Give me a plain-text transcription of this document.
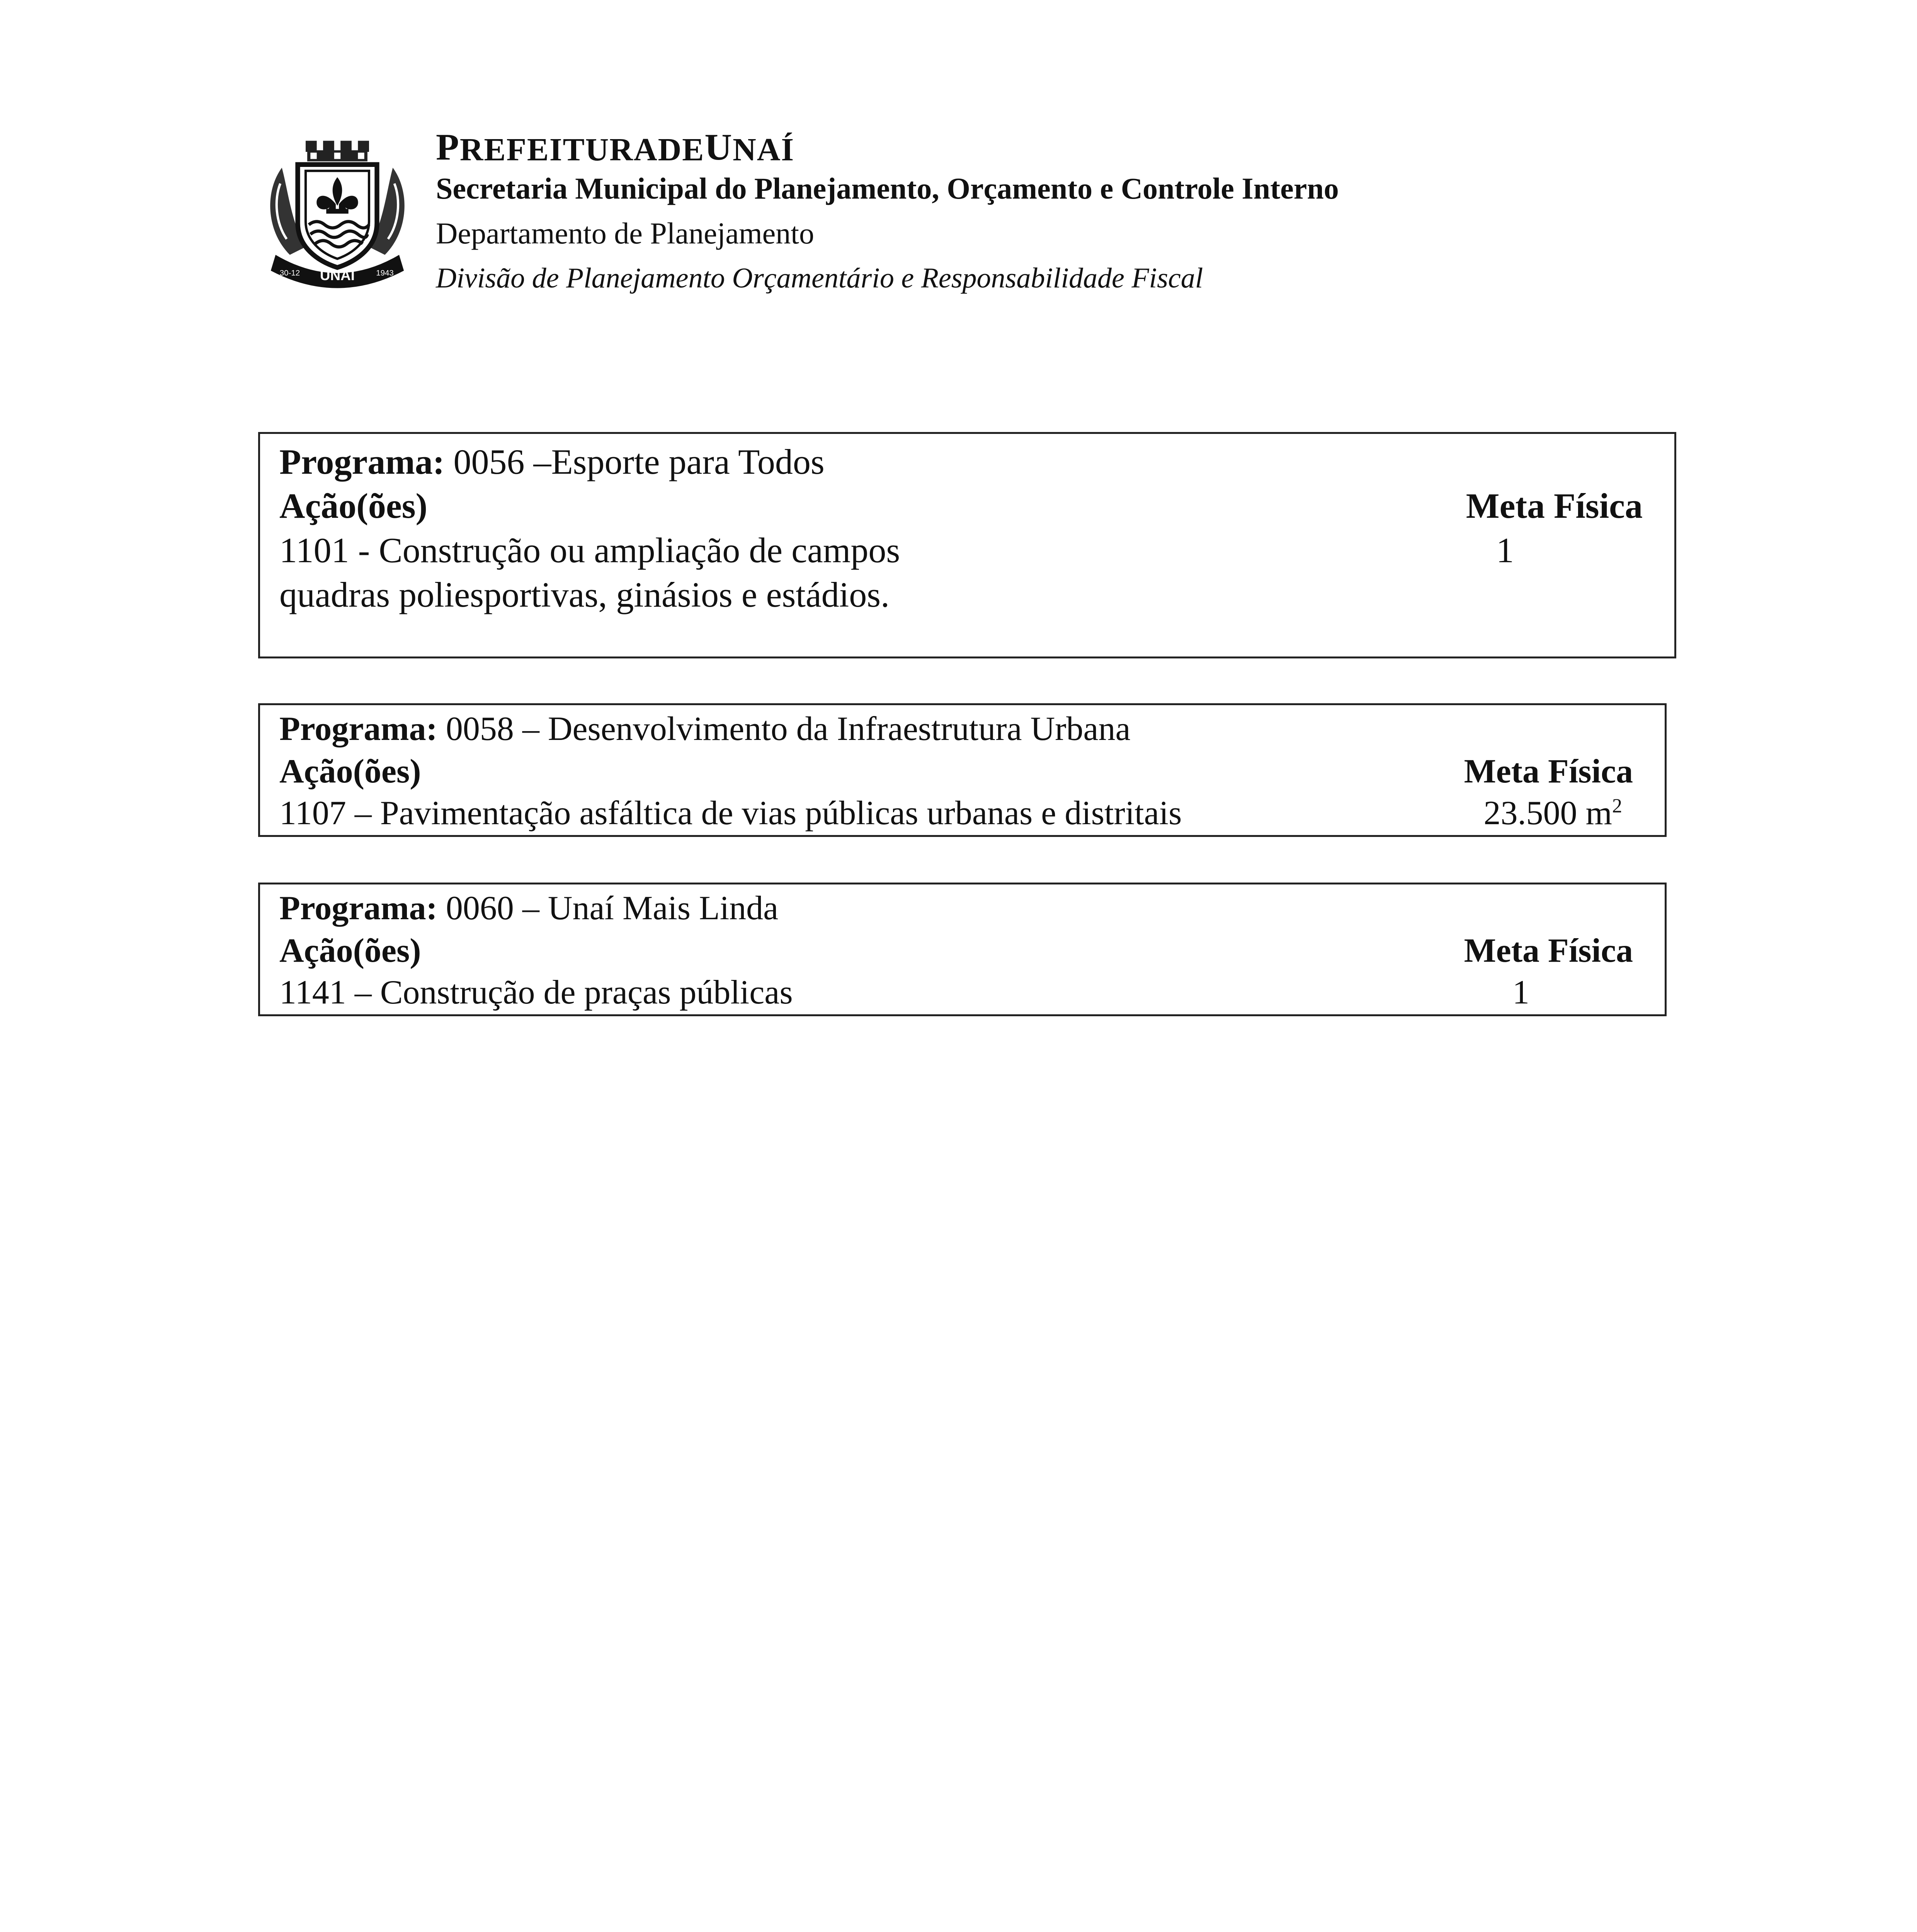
UNAÍ
30-12	1943
P REFEITURA D E U NAÍ
Secretaria Municipal do Planejamento, Orçamento e Controle Interno
Departamento de Planejamento
Divisão de Planejamento Orçamentário e Responsabilidade Fiscal
Programa: 0056 –Esporte para Todos
Ação(ões)	Meta Física
1101 - Construção ou ampliação de campos	1
quadras poliesportivas, ginásios e estádios.
Programa: 0058 – Desenvolvimento da Infraestrutura Urbana
Ação(ões)	Meta Física
1107 – Pavimentação asfáltica de vias públicas urbanas e distritais	23.500 $m^2$
Programa: 0060 – Unaí Mais Linda
Ação(ões)	Meta Física
1141 – Construção de praças públicas	1
